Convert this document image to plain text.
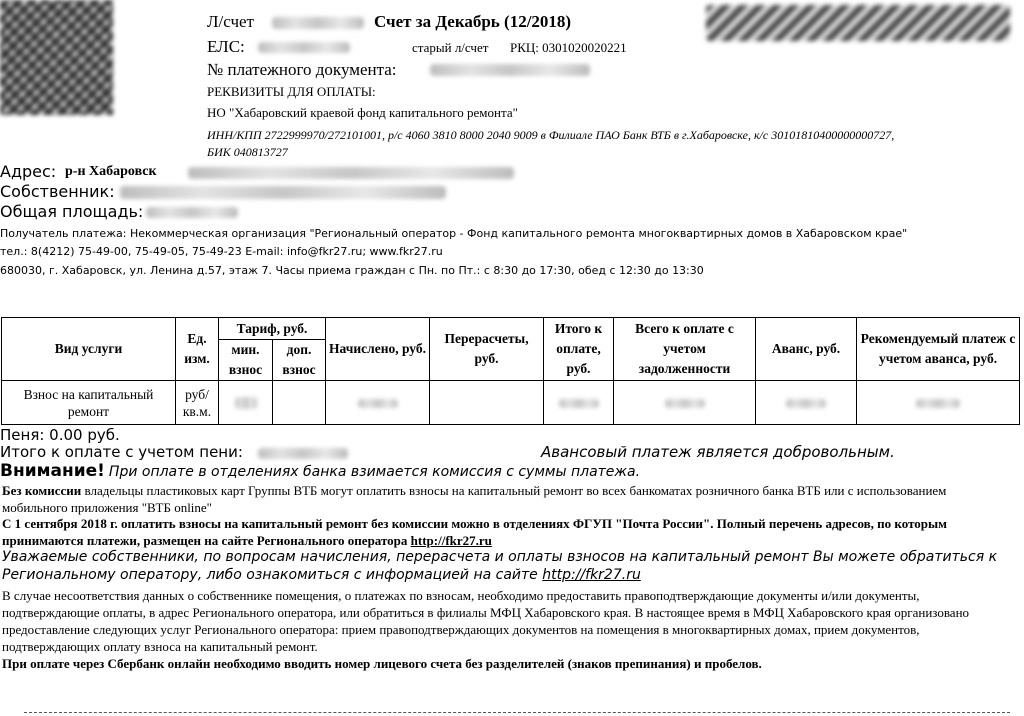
Л/счет	Счет за Декабрь (12/2018)
ЕЛС:	старый л/счет РКЦ: 0301020020221
№ платежного документа:
РЕКВИЗИТЫ ДЛЯ ОПЛАТЫ:
НО "Хабаровский краевой фонд капитального ремонта"
ИНН/КПП 2722999970/272101001, р/с 4060 3810 8000 2040 9009 в Филиале ПАО Банк ВТБ в г.Хабаровске, к/с 30101810400000000727,
БИК 040813727
Адрес: р-н Хабаровск
Собственник:
Общая площадь:
Получатель платежа: Некоммерческая организация "Региональный оператор - Фонд капитального ремонта многоквартирных домов в Хабаровском крае"
тел.: 8(4212) 75-49-00, 75-49-05, 75-49-23 E-mail: info@fkr27.ru; www.fkr27.ru
680030, г. Хабаровск, ул. Ленина д.57, этаж 7. Часы приема граждан с Пн. по Пт.: с 8:30 до 17:30, обед с 12:30 до 13:30
Вид услуги	Ед. изм.	Тариф, руб.		Начислено, руб.	Перерасчеты, руб.	Итого к оплате, руб.	Всего к оплате с учетом задолженности	Аванс, руб.	Рекомендуемый платеж с учетом аванса, руб.
		мин. взнос	доп. взнос						
Взнос на капитальный ремонт	руб/ кв.м.								
Пеня: 0.00 руб.
Итого к оплате с учетом пени:	Авансовый платеж является добровольным.
Внимание! При оплате в отделениях банка взимается комиссия с суммы платежа.
Без комиссии владельцы пластиковых карт Группы ВТБ могут оплатить взносы на капитальный ремонт во всех банкоматах розничного банка ВТБ или с использованием мобильного приложения "ВТБ online"
С 1 сентября 2018 г. оплатить взносы на капитальный ремонт без комиссии можно в отделениях ФГУП "Почта России". Полный перечень адресов, по которым принимаются платежи, размещен на сайте Регионального оператора http://fkr27.ru
Уважаемые собственники, по вопросам начисления, перерасчета и оплаты взносов на капитальный ремонт Вы можете обратиться к Региональному оператору, либо ознакомиться с информацией на сайте http://fkr27.ru
В случае несоответствия данных о собственнике помещения, о платежах по взносам, необходимо предоставить правоподтверждающие документы и/или документы, подтверждающие оплаты, в адрес Регионального оператора, или обратиться в филиалы МФЦ Хабаровского края. В настоящее время в МФЦ Хабаровского края организовано предоставление следующих услуг Регионального оператора: прием правоподтверждающих документов на помещения в многоквартирных домах, прием документов, подтверждающих оплату взноса на капитальный ремонт.
При оплате через Сбербанк онлайн необходимо вводить номер лицевого счета без разделителей (знаков препинания) и пробелов.
